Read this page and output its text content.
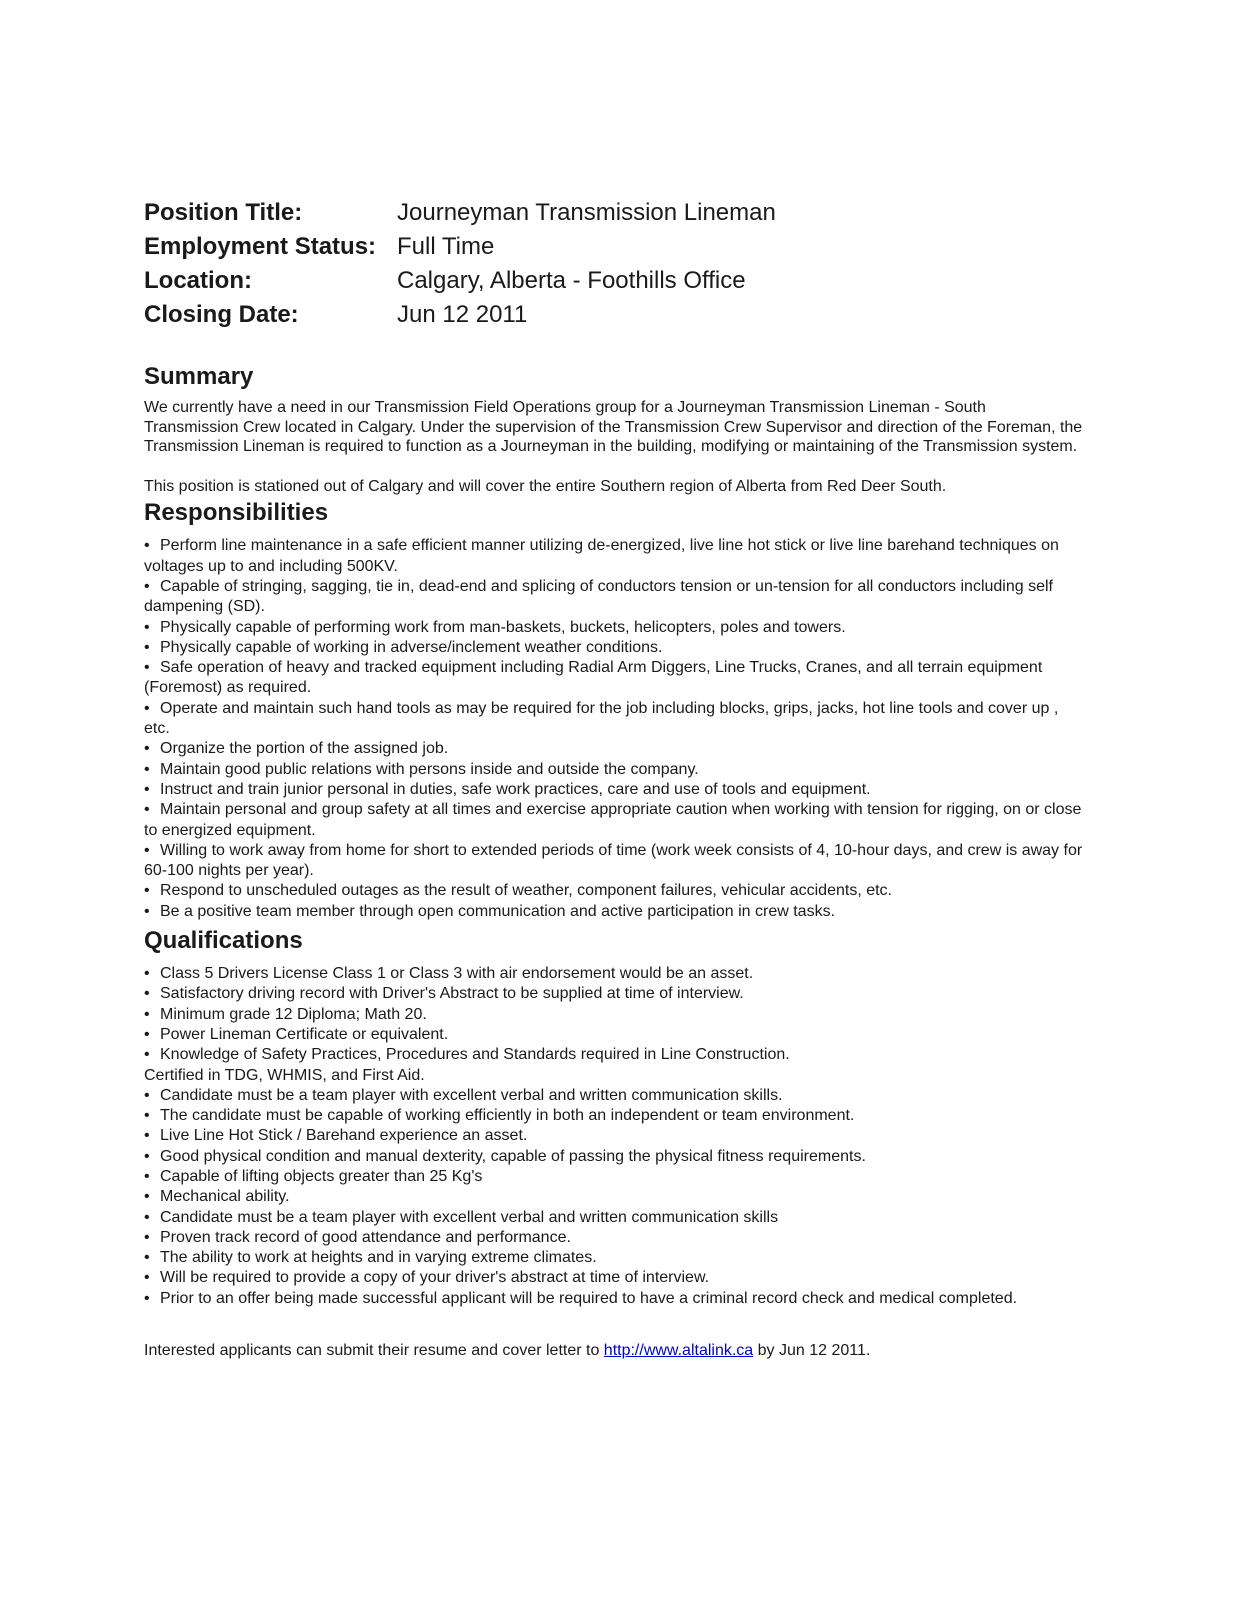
Position Title:	Journeyman Transmission Lineman
Employment Status:	Full Time
Location:	Calgary, Alberta - Foothills Office
Closing Date:	Jun 12 2011
Summary

We currently have a need in our Transmission Field Operations group for a Journeyman Transmission Lineman - South Transmission Crew located in Calgary. Under the supervision of the Transmission Crew Supervisor and direction of the Foreman, the Transmission Lineman is required to function as a Journeyman in the building, modifying or maintaining of the Transmission system.

This position is stationed out of Calgary and will cover the entire Southern region of Alberta from Red Deer South.

Responsibilities
• Perform line maintenance in a safe efficient manner utilizing de-energized, live line hot stick or live line barehand techniques on voltages up to and including 500KV.
• Capable of stringing, sagging, tie in, dead-end and splicing of conductors tension or un-tension for all conductors including self dampening (SD).
• Physically capable of performing work from man-baskets, buckets, helicopters, poles and towers.
• Physically capable of working in adverse/inclement weather conditions.
• Safe operation of heavy and tracked equipment including Radial Arm Diggers, Line Trucks, Cranes, and all terrain equipment (Foremost) as required.
• Operate and maintain such hand tools as may be required for the job including blocks, grips, jacks, hot line tools and cover up , etc.
• Organize the portion of the assigned job.
• Maintain good public relations with persons inside and outside the company.
• Instruct and train junior personal in duties, safe work practices, care and use of tools and equipment.
• Maintain personal and group safety at all times and exercise appropriate caution when working with tension for rigging, on or close to energized equipment.
• Willing to work away from home for short to extended periods of time (work week consists of 4, 10-hour days, and crew is away for 60-100 nights per year).
• Respond to unscheduled outages as the result of weather, component failures, vehicular accidents, etc.
• Be a positive team member through open communication and active participation in crew tasks.
Qualifications
• Class 5 Drivers License Class 1 or Class 3 with air endorsement would be an asset.
• Satisfactory driving record with Driver's Abstract to be supplied at time of interview.
• Minimum grade 12 Diploma; Math 20.
• Power Lineman Certificate or equivalent.
• Knowledge of Safety Practices, Procedures and Standards required in Line Construction.
Certified in TDG, WHMIS, and First Aid.
• Candidate must be a team player with excellent verbal and written communication skills.
• The candidate must be capable of working efficiently in both an independent or team environment.
• Live Line Hot Stick / Barehand experience an asset.
• Good physical condition and manual dexterity, capable of passing the physical fitness requirements.
• Capable of lifting objects greater than 25 Kg's
• Mechanical ability.
• Candidate must be a team player with excellent verbal and written communication skills
• Proven track record of good attendance and performance.
• The ability to work at heights and in varying extreme climates.
• Will be required to provide a copy of your driver's abstract at time of interview.
• Prior to an offer being made successful applicant will be required to have a criminal record check and medical completed.

Interested applicants can submit their resume and cover letter to http://www.altalink.ca by Jun 12 2011.
